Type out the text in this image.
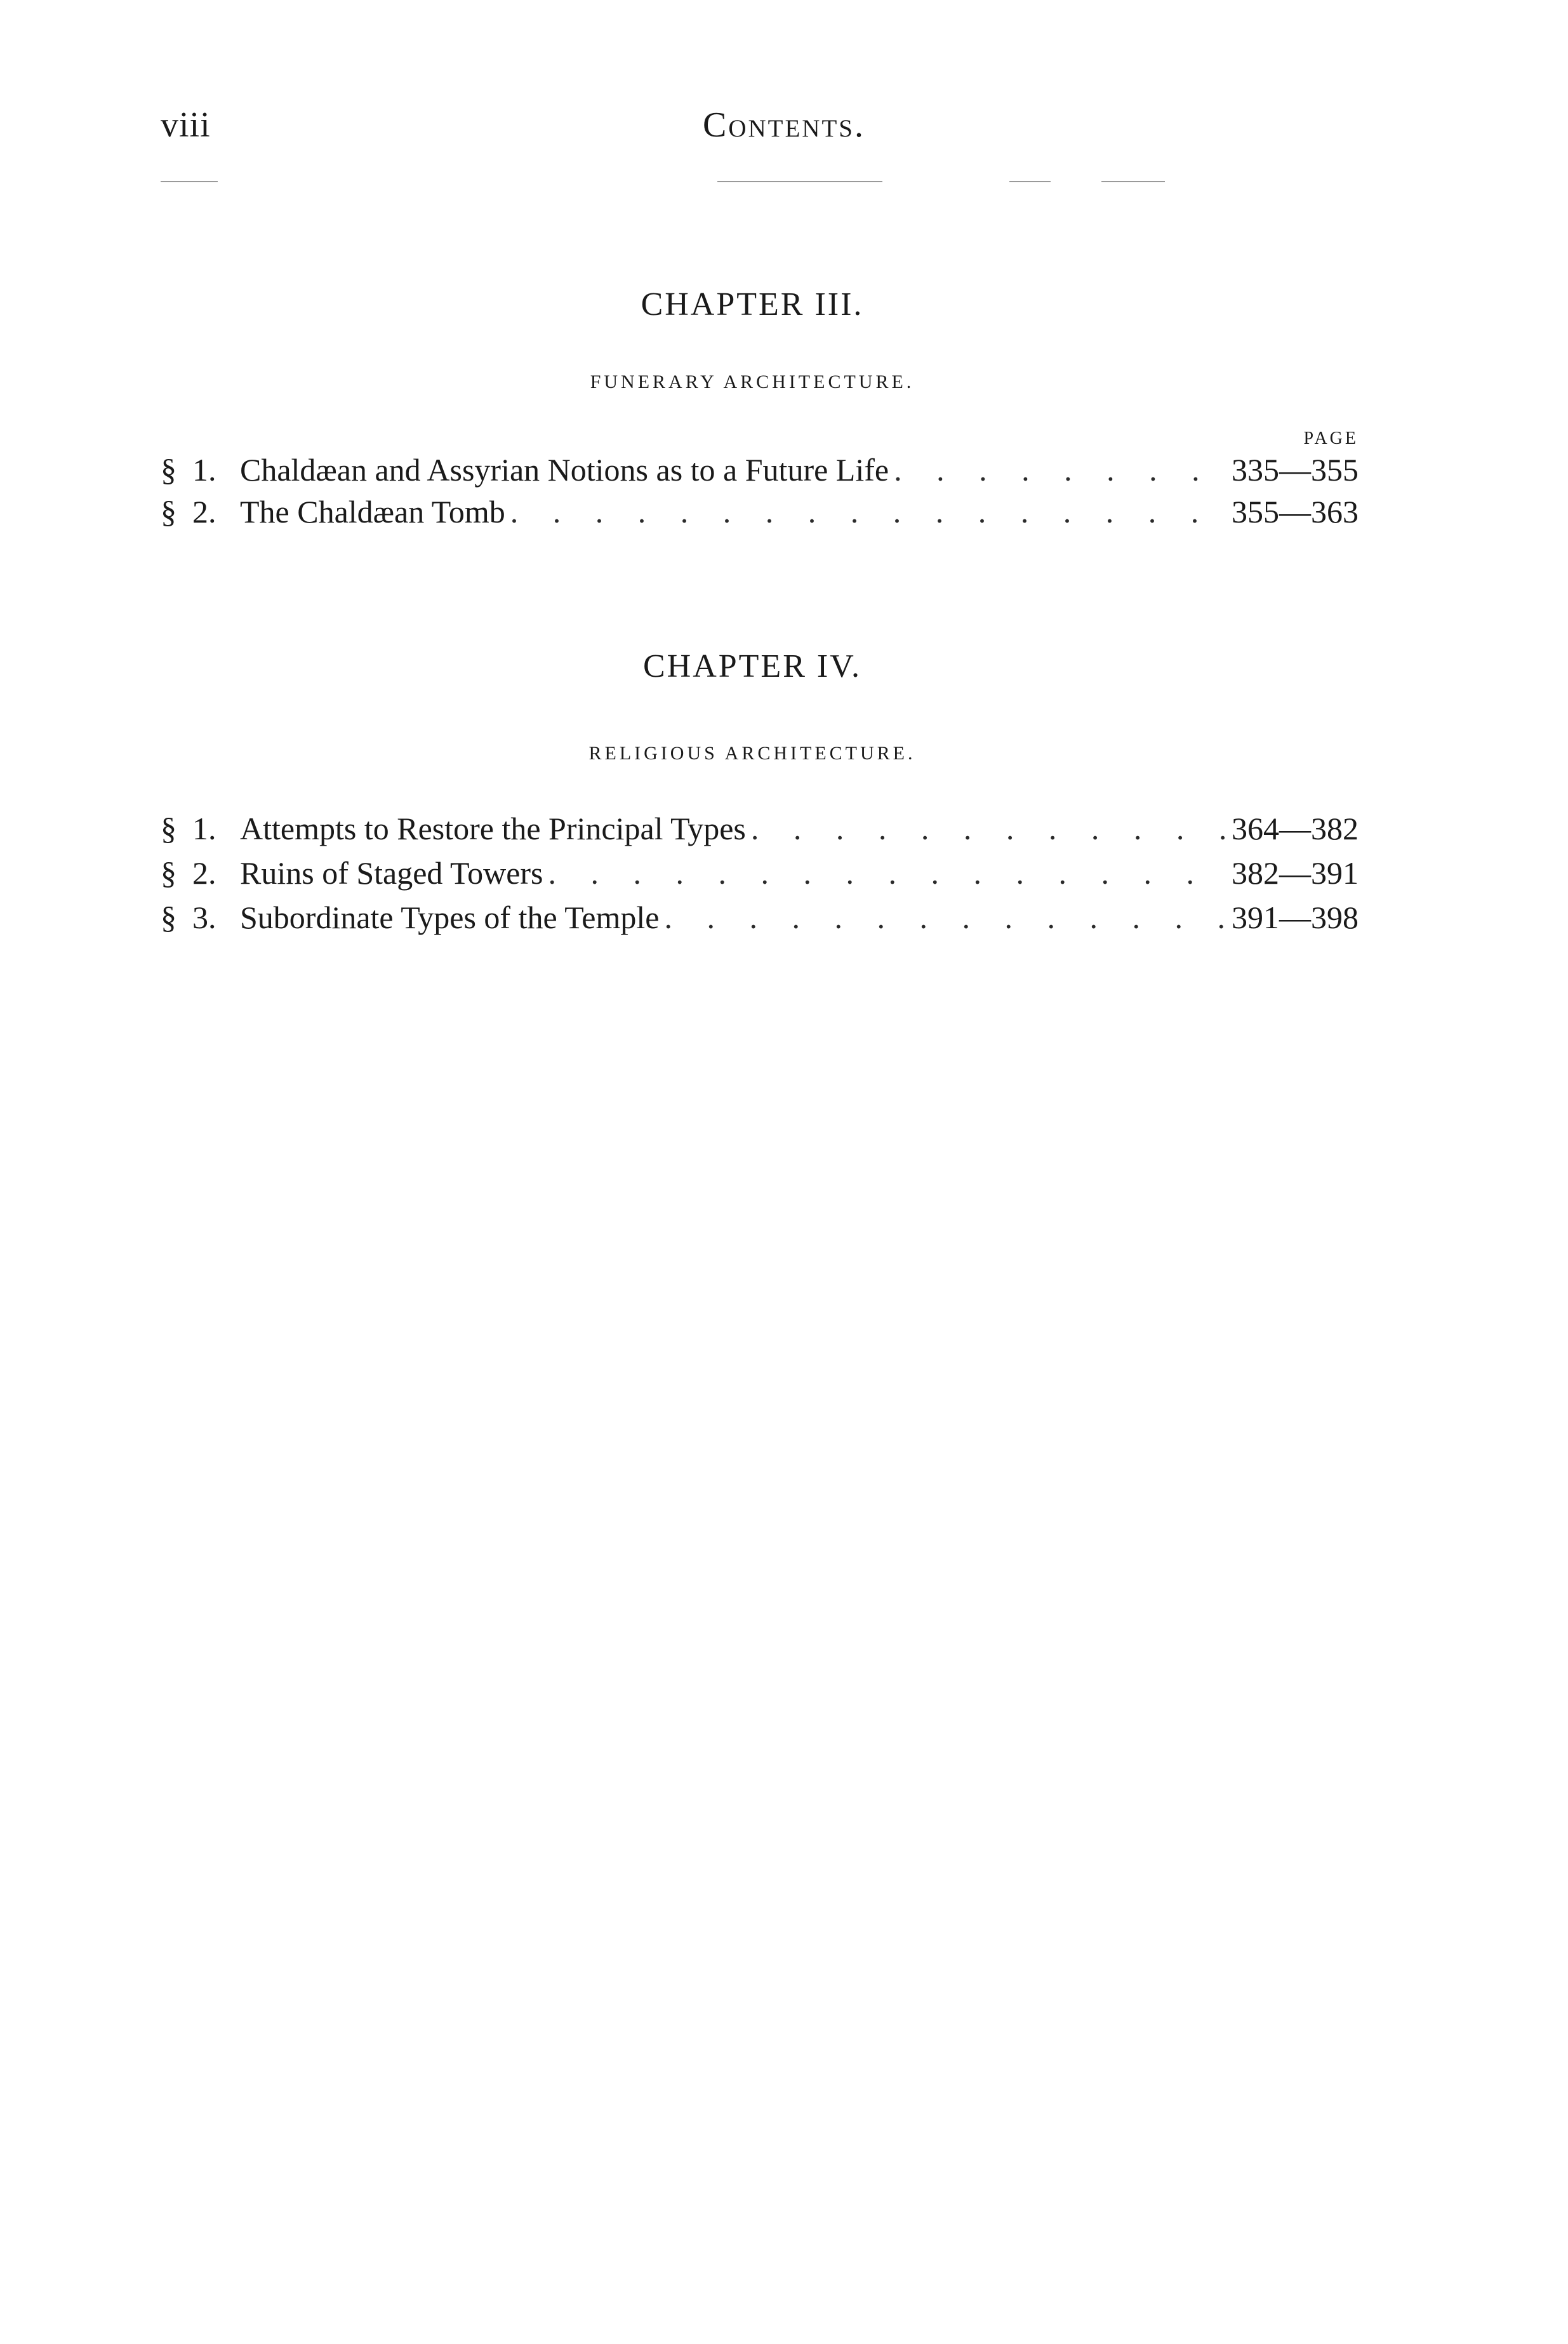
viii	Contents.
CHAPTER III.
FUNERARY ARCHITECTURE.
PAGE
§ 1. Chaldæan and Assyrian Notions as to a Future Life . . .	335—355
§ 2. The Chaldæan Tomb . . .	355—363
CHAPTER IV.
RELIGIOUS ARCHITECTURE.
§ 1. Attempts to Restore the Principal Types . . .	364—382
§ 2. Ruins of Staged Towers . . .	382—391
§ 3. Subordinate Types of the Temple . . .	391—398
